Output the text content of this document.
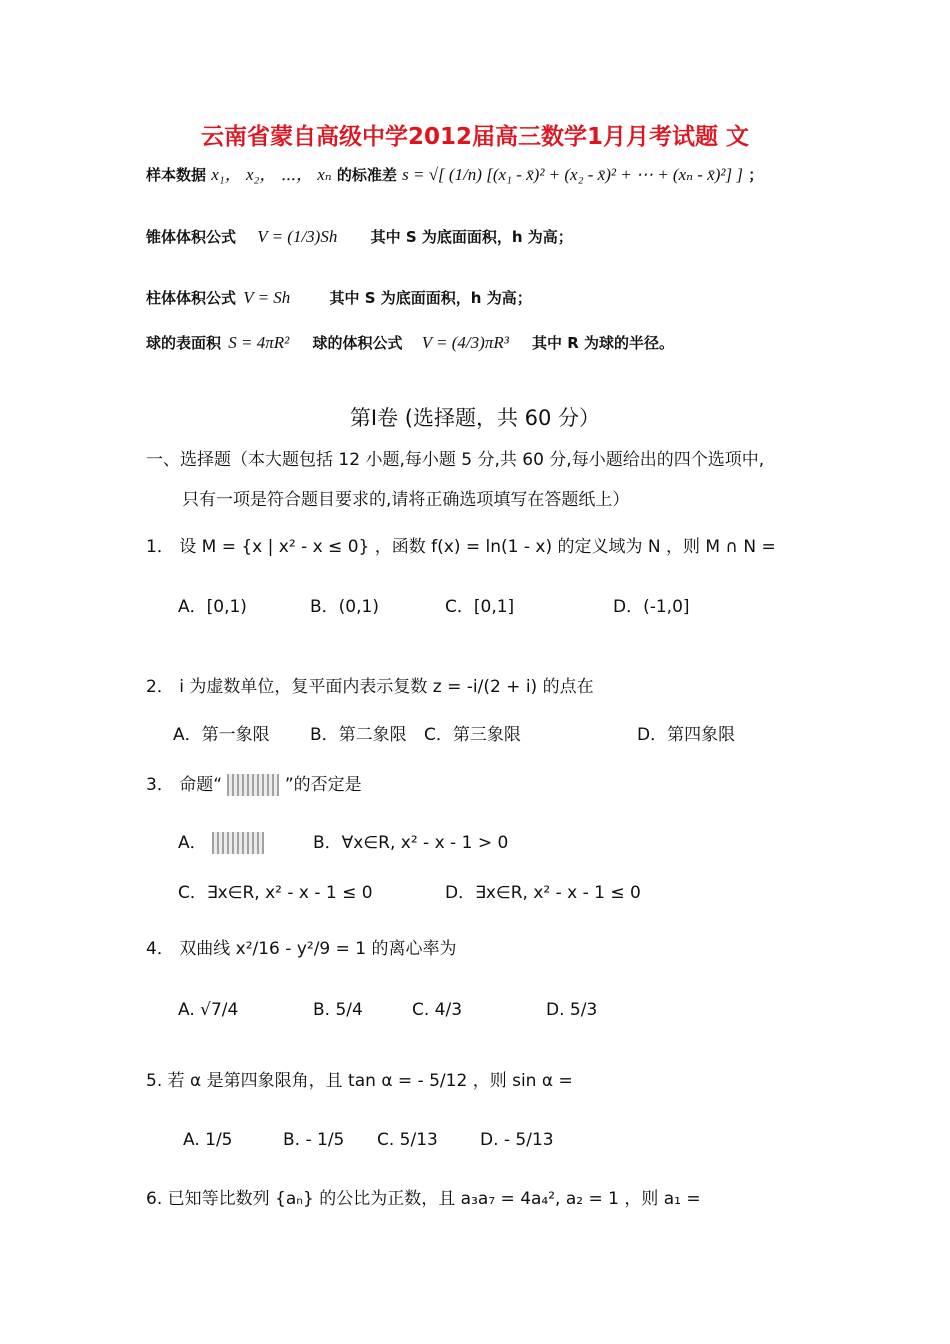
云南省蒙自高级中学2012届高三数学1月月考试题 文
样本数据 x₁， x₂， ⋯， xₙ 的标准差 s = √[ (1/n) [(x₁ - x̄)² + (x₂ - x̄)² + ⋯ + (xₙ - x̄)²] ] ；
锥体体积公式 V = (1/3)Sh 其中 S 为底面面积，h 为高；
柱体体积公式 V = Sh	其中 S 为底面面积，h 为高；
球的表面积 S = 4πR² 球的体积公式 V = (4/3)πR³ 其中 R 为球的半径。
第Ⅰ卷 (选择题，共 60 分）
一、选择题（本大题包括 12 小题,每小题 5 分,共 60 分,每小题给出的四个选项中,
只有一项是符合题目要求的,请将正确选项填写在答题纸上）
1． 设 M = {x | x² - x ≤ 0} ，函数 f(x) = ln(1 - x) 的定义域为 N ，则 M ∩ N =
A．[0,1)	B．(0,1)	C．[0,1]	D．(-1,0]
2． i 为虚数单位，复平面内表示复数 z = -i/(2 + i) 的点在
A．第一象限 B．第二象限 C．第三象限	D．第四象限
3． 命题“	”的否定是
A．	B．∀x∈R, x² - x - 1 > 0
C．∃x∈R, x² - x - 1 ≤ 0	D．∃x∈R, x² - x - 1 ≤ 0
4． 双曲线 x²/16 - y²/9 = 1 的离心率为
A. √7/4	B. 5/4	C. 4/3	D. 5/3
5. 若 α 是第四象限角，且 tan α = - 5/12 ，则 sin α =
A. 1/5	B. - 1/5 C. 5/13 D. - 5/13
6. 已知等比数列 {aₙ} 的公比为正数，且 a₃a₇ = 4a₄², a₂ = 1 ，则 a₁ =
